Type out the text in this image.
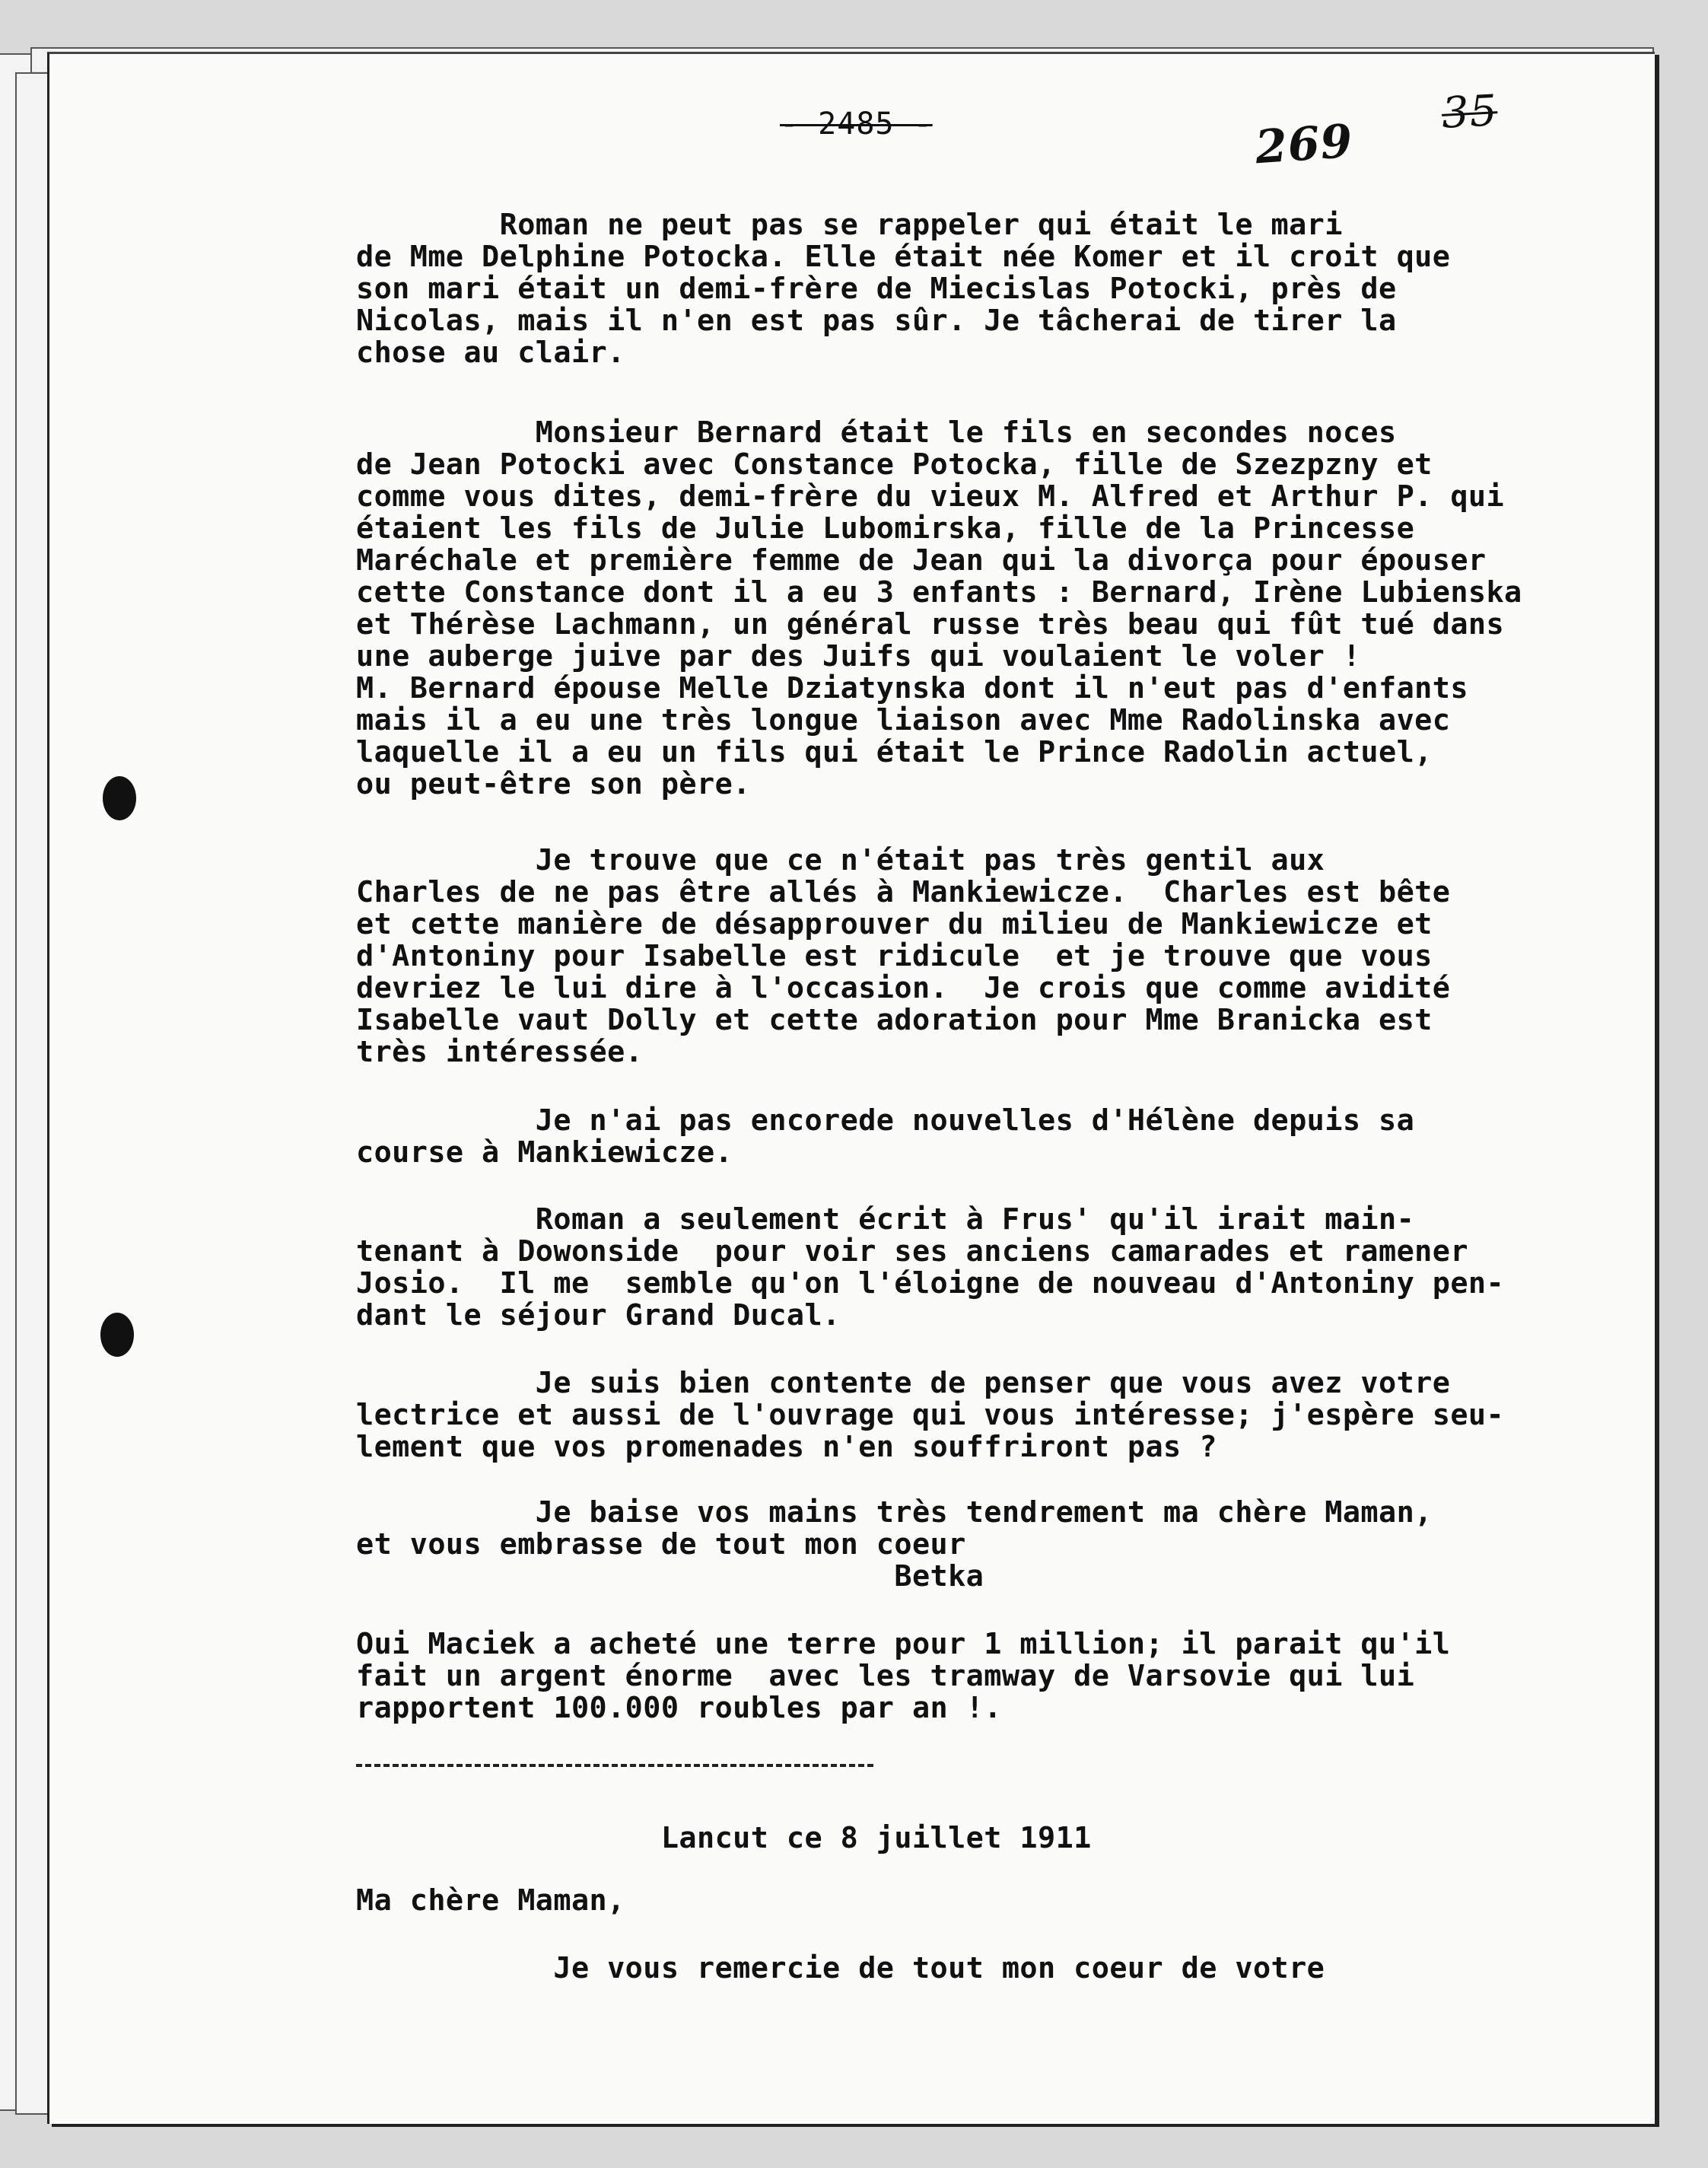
- 2485 -	269
35
Roman ne peut pas se rappeler qui était le mari
de Mme Delphine Potocka. Elle était née Komer et il croit que
son mari était un demi-frère de Miecislas Potocki, près de
Nicolas, mais il n'en est pas sûr. Je tâcherai de tirer la
chose au clair.
Monsieur Bernard était le fils en secondes noces
de Jean Potocki avec Constance Potocka, fille de Szezpzny et
comme vous dites, demi-frère du vieux M. Alfred et Arthur P. qui
étaient les fils de Julie Lubomirska, fille de la Princesse
Maréchale et première femme de Jean qui la divorça pour épouser
cette Constance dont il a eu 3 enfants : Bernard, Irène Lubienska
et Thérèse Lachmann, un général russe très beau qui fût tué dans
une auberge juive par des Juifs qui voulaient le voler !
M. Bernard épouse Melle Dziatynska dont il n'eut pas d'enfants
mais il a eu une très longue liaison avec Mme Radolinska avec
laquelle il a eu un fils qui était le Prince Radolin actuel,
ou peut-être son père.
Je trouve que ce n'était pas très gentil aux
Charles de ne pas être allés à Mankiewicze.  Charles est bête
et cette manière de désapprouver du milieu de Mankiewicze et
d'Antoniny pour Isabelle est ridicule  et je trouve que vous
devriez le lui dire à l'occasion.  Je crois que comme avidité
Isabelle vaut Dolly et cette adoration pour Mme Branicka est
très intéressée.
Je n'ai pas encorede nouvelles d'Hélène depuis sa
course à Mankiewicze.
Roman a seulement écrit à Frus' qu'il irait main-
tenant à Dowonside  pour voir ses anciens camarades et ramener
Josio.  Il me  semble qu'on l'éloigne de nouveau d'Antoniny pen-
dant le séjour Grand Ducal.
Je suis bien contente de penser que vous avez votre
lectrice et aussi de l'ouvrage qui vous intéresse; j'espère seu-
lement que vos promenades n'en souffriront pas ?
Je baise vos mains très tendrement ma chère Maman,
et vous embrasse de tout mon coeur
Betka
Oui Maciek a acheté une terre pour 1 million; il parait qu'il
fait un argent énorme  avec les tramway de Varsovie qui lui
rapportent 100.000 roubles par an !.
Lancut ce 8 juillet 1911
Ma chère Maman,
Je vous remercie de tout mon coeur de votre
